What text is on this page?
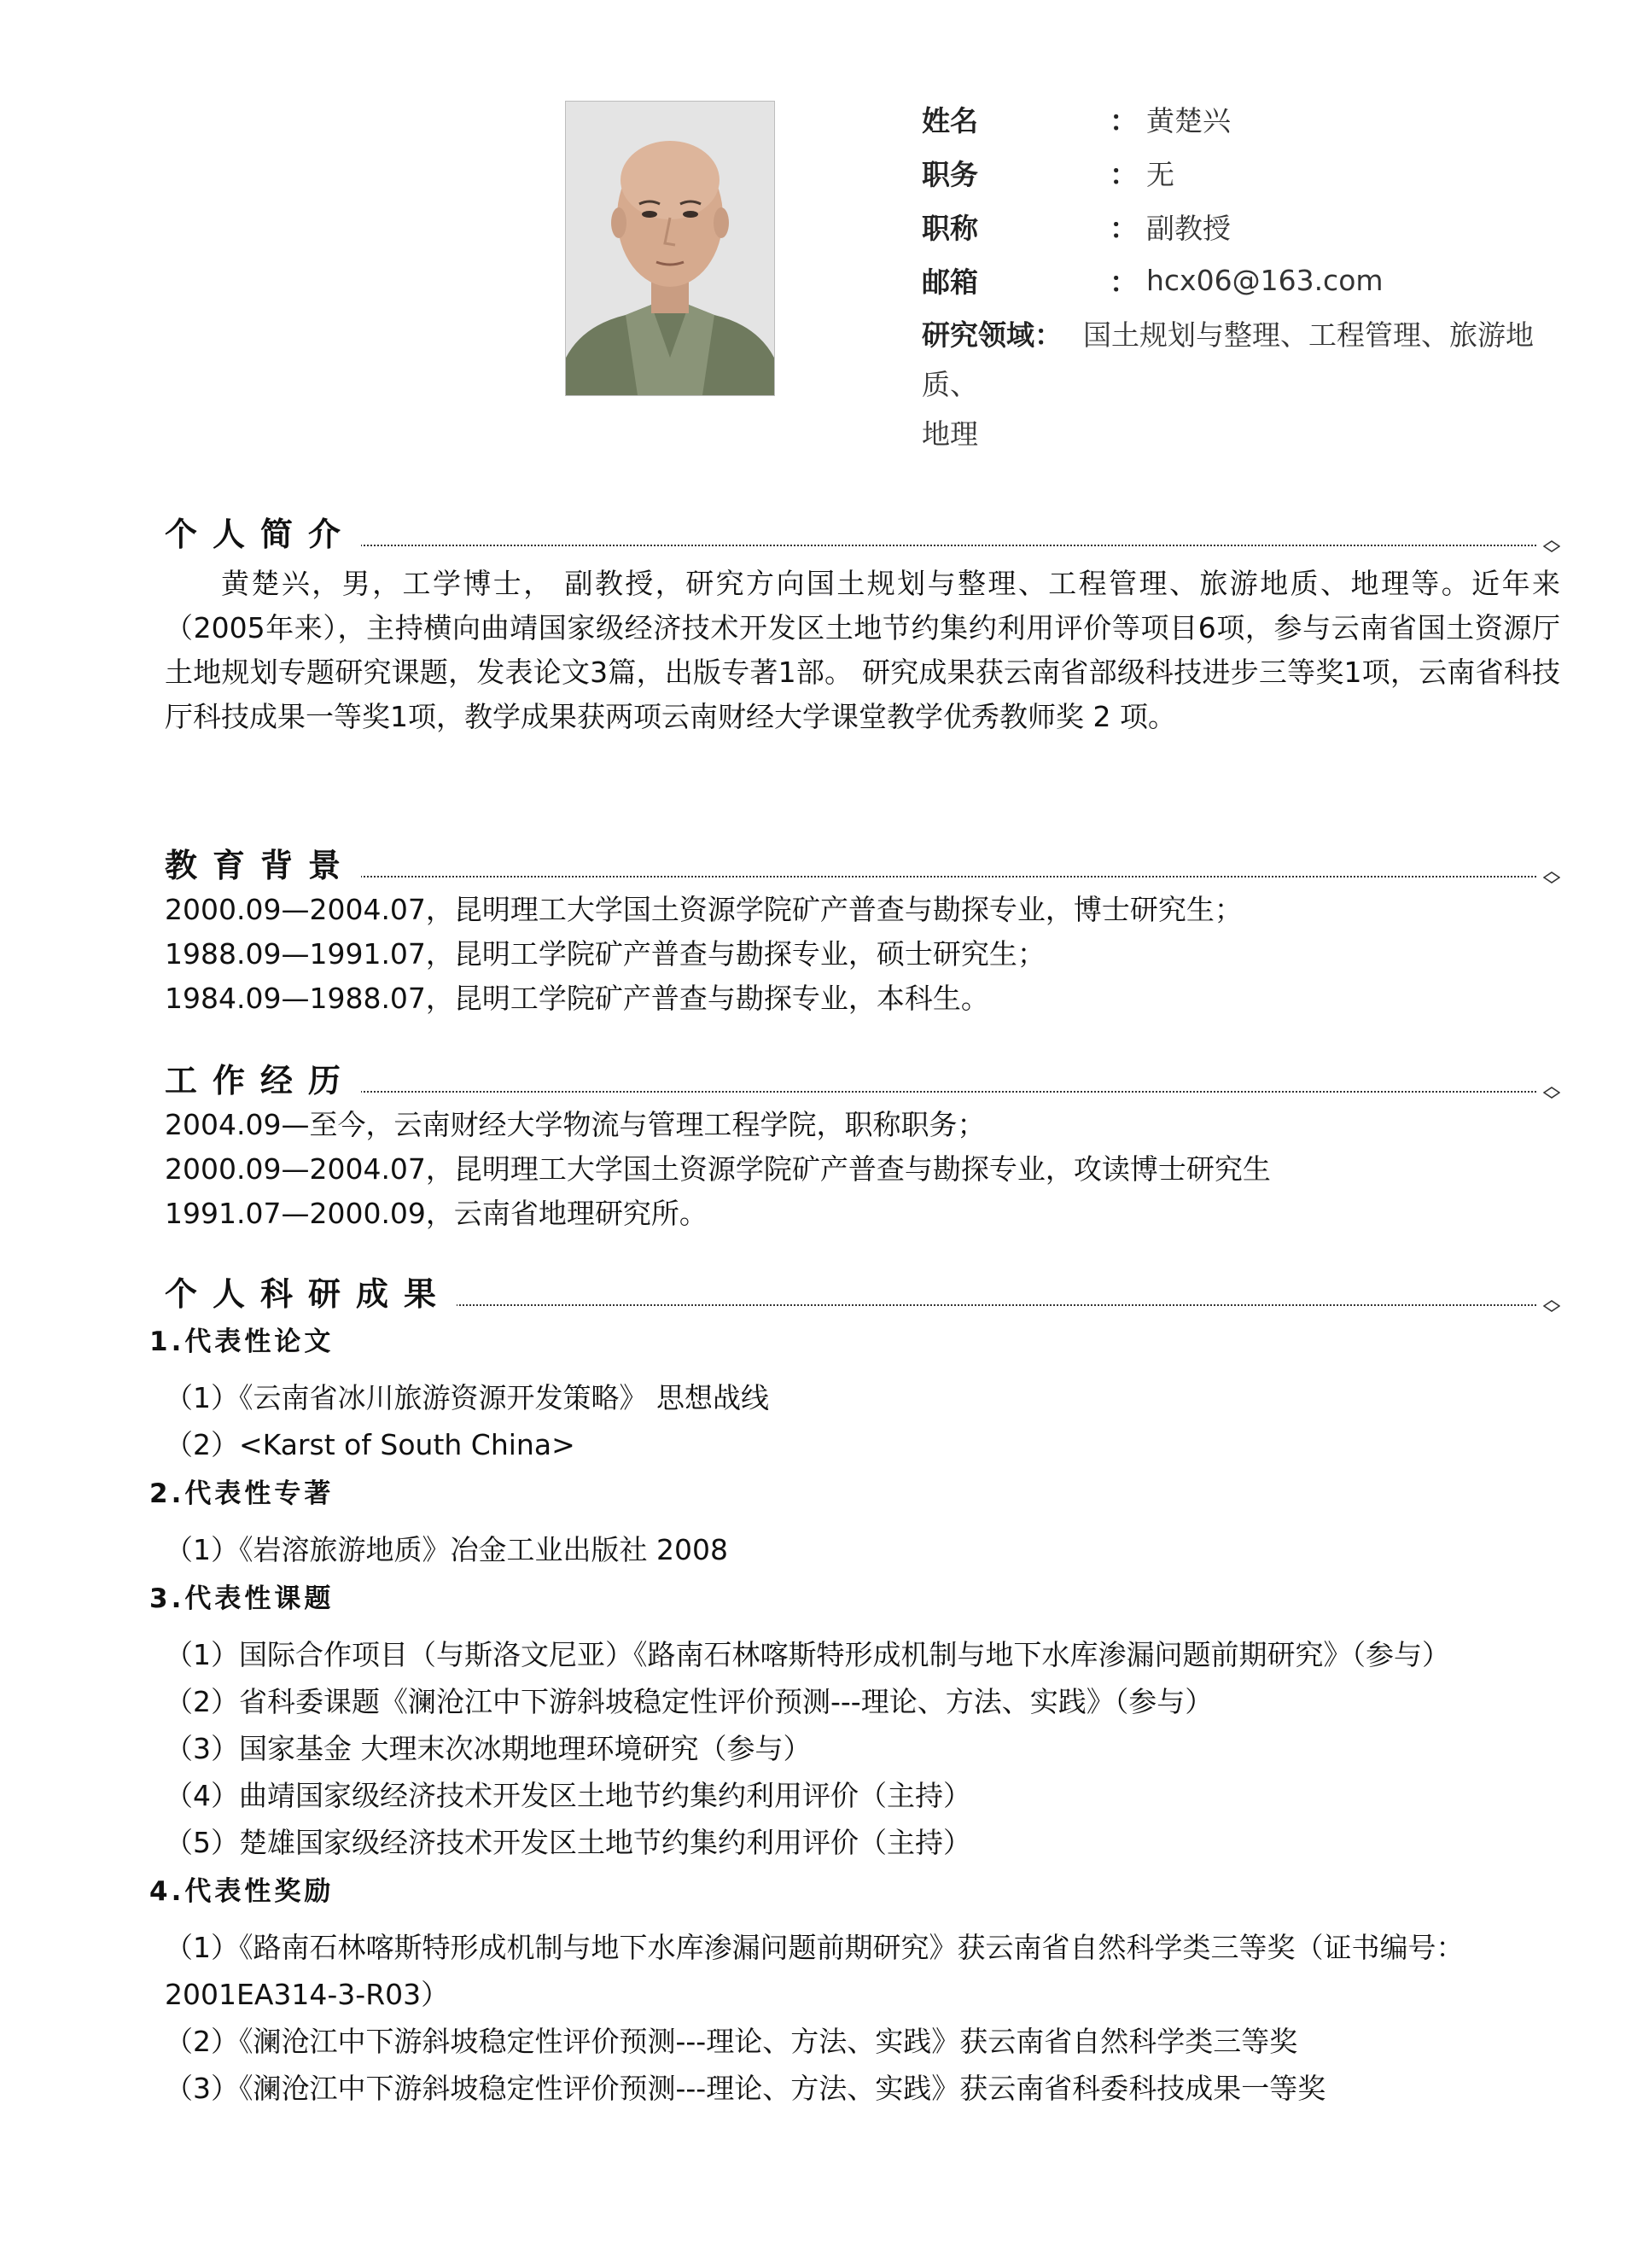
姓名	： 黄楚兴
职务	： 无
职称	： 副教授
邮箱	： hcx06@163.com
研究领域： 国土规划与整理、工程管理、旅游地质、
地理
个人简介
黄楚兴，男，工学博士， 副教授，研究方向国土规划与整理、工程管理、旅游地质、地理等。近年来（2005年来），主持横向曲靖国家级经济技术开发区土地节约集约利用评价等项目6项，参与云南省国土资源厅土地规划专题研究课题，发表论文3篇，出版专著1部。 研究成果获云南省部级科技进步三等奖1项，云南省科技厅科技成果一等奖1项，教学成果获两项云南财经大学课堂教学优秀教师奖 2 项。
教育背景
2000.09—2004.07，昆明理工大学国土资源学院矿产普查与勘探专业，博士研究生；
1988.09—1991.07，昆明工学院矿产普查与勘探专业，硕士研究生；
1984.09—1988.07，昆明工学院矿产普查与勘探专业，本科生。
工作经历
2004.09—至今，云南财经大学物流与管理工程学院，职称职务；
2000.09—2004.07，昆明理工大学国土资源学院矿产普查与勘探专业，攻读博士研究生
1991.07—2000.09，云南省地理研究所。
个人科研成果
1.代表性论文
（1）《云南省冰川旅游资源开发策略》 思想战线
（2）<Karst of South China>
2.代表性专著
（1）《岩溶旅游地质》冶金工业出版社 2008
3.代表性课题
（1）国际合作项目（与斯洛文尼亚）《路南石林喀斯特形成机制与地下水库渗漏问题前期研究》（参与）
（2）省科委课题《澜沧江中下游斜坡稳定性评价预测---理论、方法、实践》（参与）
（3）国家基金 大理末次冰期地理环境研究（参与）
（4）曲靖国家级经济技术开发区土地节约集约利用评价（主持）
（5）楚雄国家级经济技术开发区土地节约集约利用评价（主持）
4.代表性奖励
（1）《路南石林喀斯特形成机制与地下水库渗漏问题前期研究》获云南省自然科学类三等奖（证书编号：2001EA314-3-R03）
（2）《澜沧江中下游斜坡稳定性评价预测---理论、方法、实践》获云南省自然科学类三等奖
（3）《澜沧江中下游斜坡稳定性评价预测---理论、方法、实践》获云南省科委科技成果一等奖
